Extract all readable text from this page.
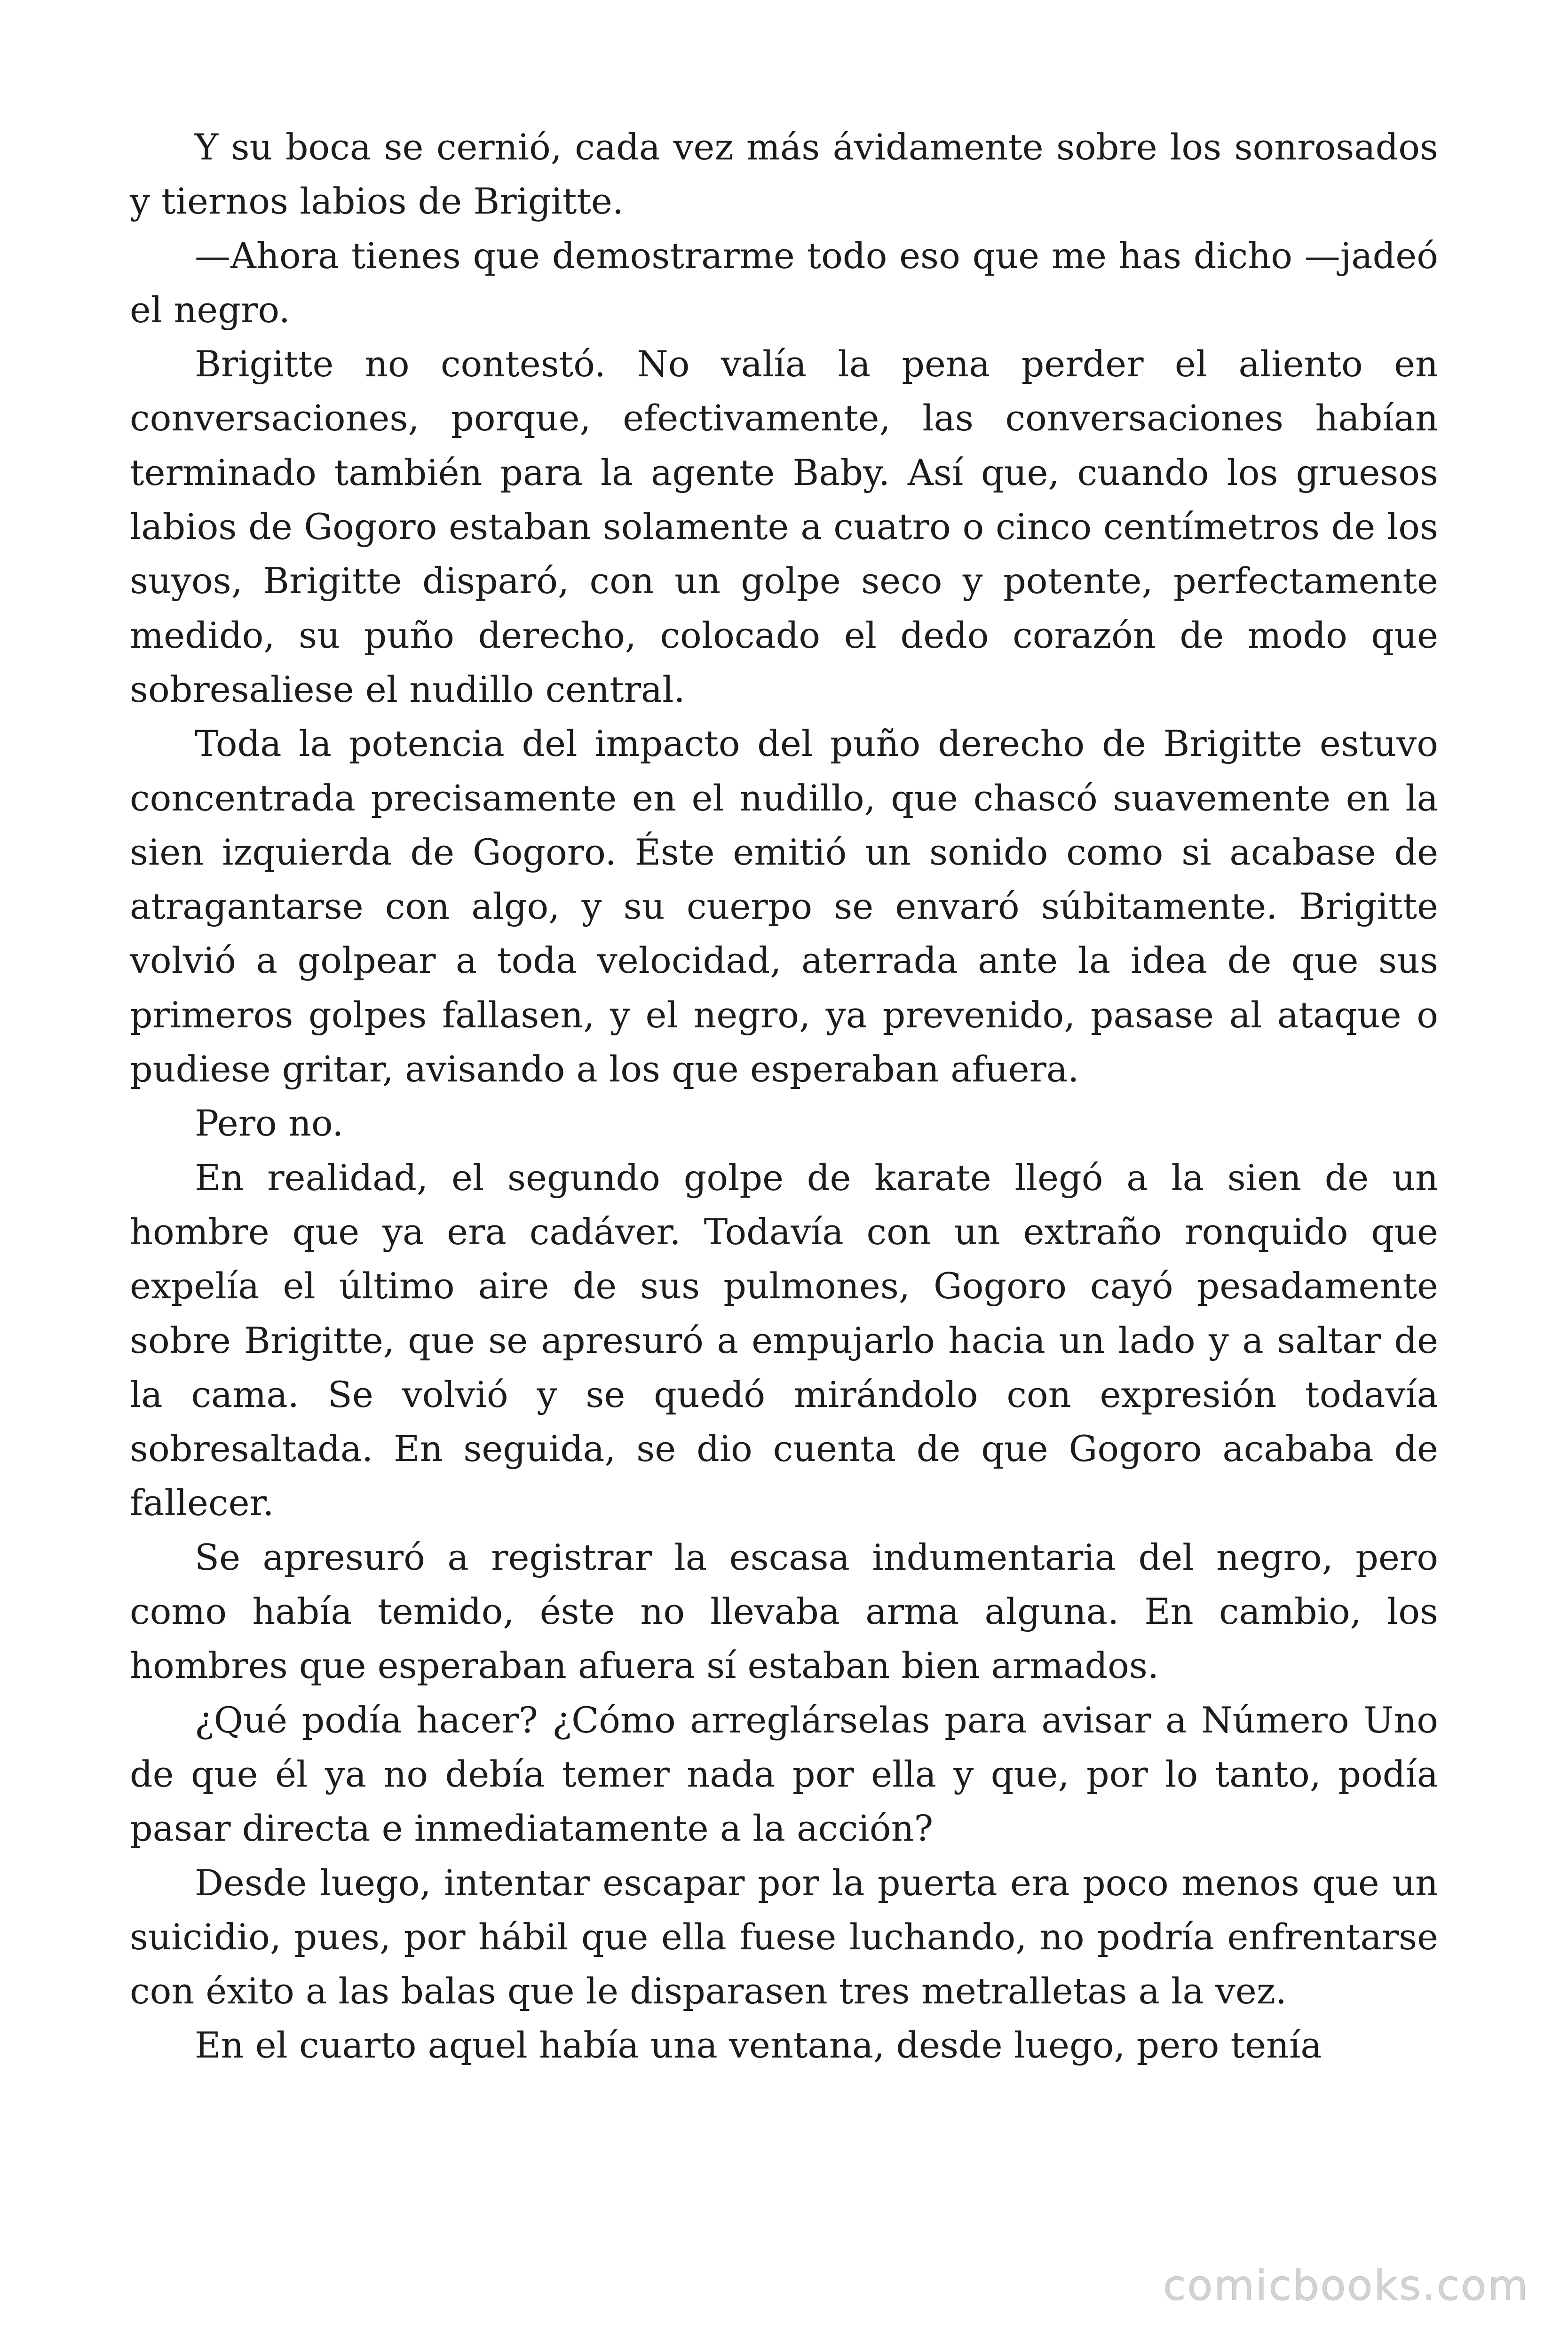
Y su boca se cernió, cada vez más ávidamente sobre los sonrosados y tiernos labios de Brigitte.

—Ahora tienes que demostrarme todo eso que me has dicho —jadeó el negro.

Brigitte no contestó. No valía la pena perder el aliento en conversaciones, porque, efectivamente, las conversaciones habían terminado también para la agente Baby. Así que, cuando los gruesos labios de Gogoro estaban solamente a cuatro o cinco centímetros de los suyos, Brigitte disparó, con un golpe seco y potente, perfectamente medido, su puño derecho, colocado el dedo corazón de modo que sobresaliese el nudillo central.

Toda la potencia del impacto del puño derecho de Brigitte estuvo concentrada precisamente en el nudillo, que chascó suavemente en la sien izquierda de Gogoro. Éste emitió un sonido como si acabase de atragantarse con algo, y su cuerpo se envaró súbitamente. Brigitte volvió a golpear a toda velocidad, aterrada ante la idea de que sus primeros golpes fallasen, y el negro, ya prevenido, pasase al ataque o pudiese gritar, avisando a los que esperaban afuera.

Pero no.

En realidad, el segundo golpe de karate llegó a la sien de un hombre que ya era cadáver. Todavía con un extraño ronquido que expelía el último aire de sus pulmones, Gogoro cayó pesadamente sobre Brigitte, que se apresuró a empujarlo hacia un lado y a saltar de la cama. Se volvió y se quedó mirándolo con expresión todavía sobresaltada. En seguida, se dio cuenta de que Gogoro acababa de fallecer.

Se apresuró a registrar la escasa indumentaria del negro, pero como había temido, éste no llevaba arma alguna. En cambio, los hombres que esperaban afuera sí estaban bien armados.

¿Qué podía hacer? ¿Cómo arreglárselas para avisar a Número Uno de que él ya no debía temer nada por ella y que, por lo tanto, podía pasar directa e inmediatamente a la acción?

Desde luego, intentar escapar por la puerta era poco menos que un suicidio, pues, por hábil que ella fuese luchando, no podría enfrentarse con éxito a las balas que le disparasen tres metralletas a la vez.

En el cuarto aquel había una ventana, desde luego, pero tenía

comicbooks.com
